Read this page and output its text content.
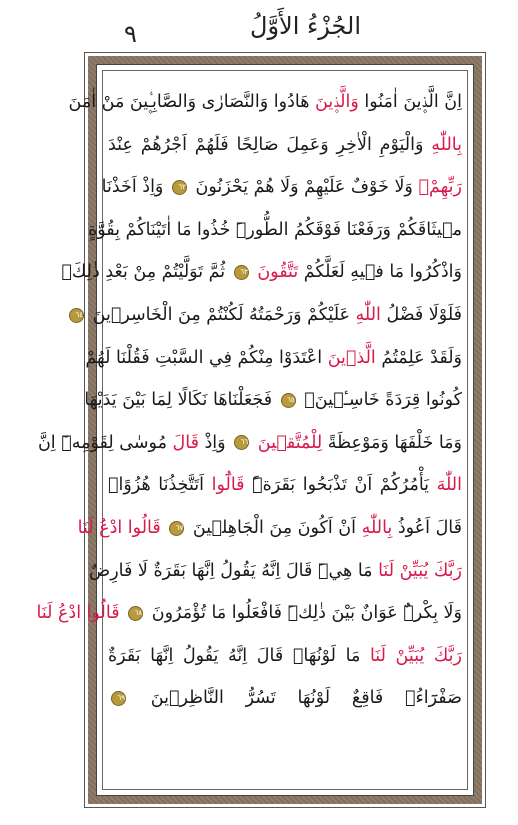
٩	الجُزْءُ الأَوَّلُ
اِنَّ الَّذ۪ينَ اٰمَنُوا وَالَّذ۪ينَ هَادُوا وَالنَّصَارٰى وَالصَّابِـ۪ٔينَ مَنْ اٰمَنَ
بِاللّٰهِ وَالْيَوْمِ الْاٰخِرِ وَعَمِلَ صَالِحًا فَلَهُمْ اَجْرُهُمْ عِنْدَ
رَبِّهِمْۚ وَلَا خَوْفٌ عَلَيْهِمْ وَلَا هُمْ يَحْزَنُونَ ٦٢ وَاِذْ اَخَذْنَا
م۪يثَاقَكُمْ وَرَفَعْنَا فَوْقَكُمُ الطُّورَۜ خُذُوا مَا اٰتَيْنَاكُمْ بِقُوَّةٍ
وَاذْكُرُوا مَا ف۪يهِ لَعَلَّكُمْ تَتَّقُونَ ٦٣ ثُمَّ تَوَلَّيْتُمْ مِنْ بَعْدِ ذٰلِكَۚ
فَلَوْلَا فَضْلُ اللّٰهِ عَلَيْكُمْ وَرَحْمَتُهُ لَكُنْتُمْ مِنَ الْخَاسِر۪ينَ ٦٤
وَلَقَدْ عَلِمْتُمُ الَّذ۪ينَ اعْتَدَوْا مِنْكُمْ فِي السَّبْتِ فَقُلْنَا لَهُمْ
كُونُوا قِرَدَةً خَاسِـ۪ٔينَۚ ٦٥ فَجَعَلْنَاهَا نَكَالًا لِمَا بَيْنَ يَدَيْهَا
وَمَا خَلْفَهَا وَمَوْعِظَةً لِلْمُتَّق۪ينَ ٦٦ وَاِذْ قَالَ مُوسٰى لِقَوْمِه۪ٓ اِنَّ
اللّٰهَ يَأْمُرُكُمْ اَنْ تَذْبَحُوا بَقَرَةًۜ قَالُٓوا اَتَتَّخِذُنَا هُزُوًاۜ
قَالَ اَعُوذُ بِاللّٰهِ اَنْ اَكُونَ مِنَ الْجَاهِل۪ينَ ٦٧ قَالُوا ادْعُ لَنَا
رَبَّكَ يُبَيِّنْ لَنَا مَا هِيَۜ قَالَ اِنَّهُ يَقُولُ اِنَّهَا بَقَرَةٌ لَا فَارِضٌ
وَلَا بِكْرٌۜ عَوَانٌ بَيْنَ ذٰلِكَۜ فَافْعَلُوا مَا تُؤْمَرُونَ ٦٨ قَالُوا ادْعُ لَنَا
رَبَّكَ يُبَيِّنْ لَنَا مَا لَوْنُهَاۜ قَالَ اِنَّهُ يَقُولُ اِنَّهَا بَقَرَةٌ
صَفْرَٓاءُۙ فَاقِعٌ لَوْنُهَا تَسُرُّ النَّاظِر۪ينَ ٦٩
